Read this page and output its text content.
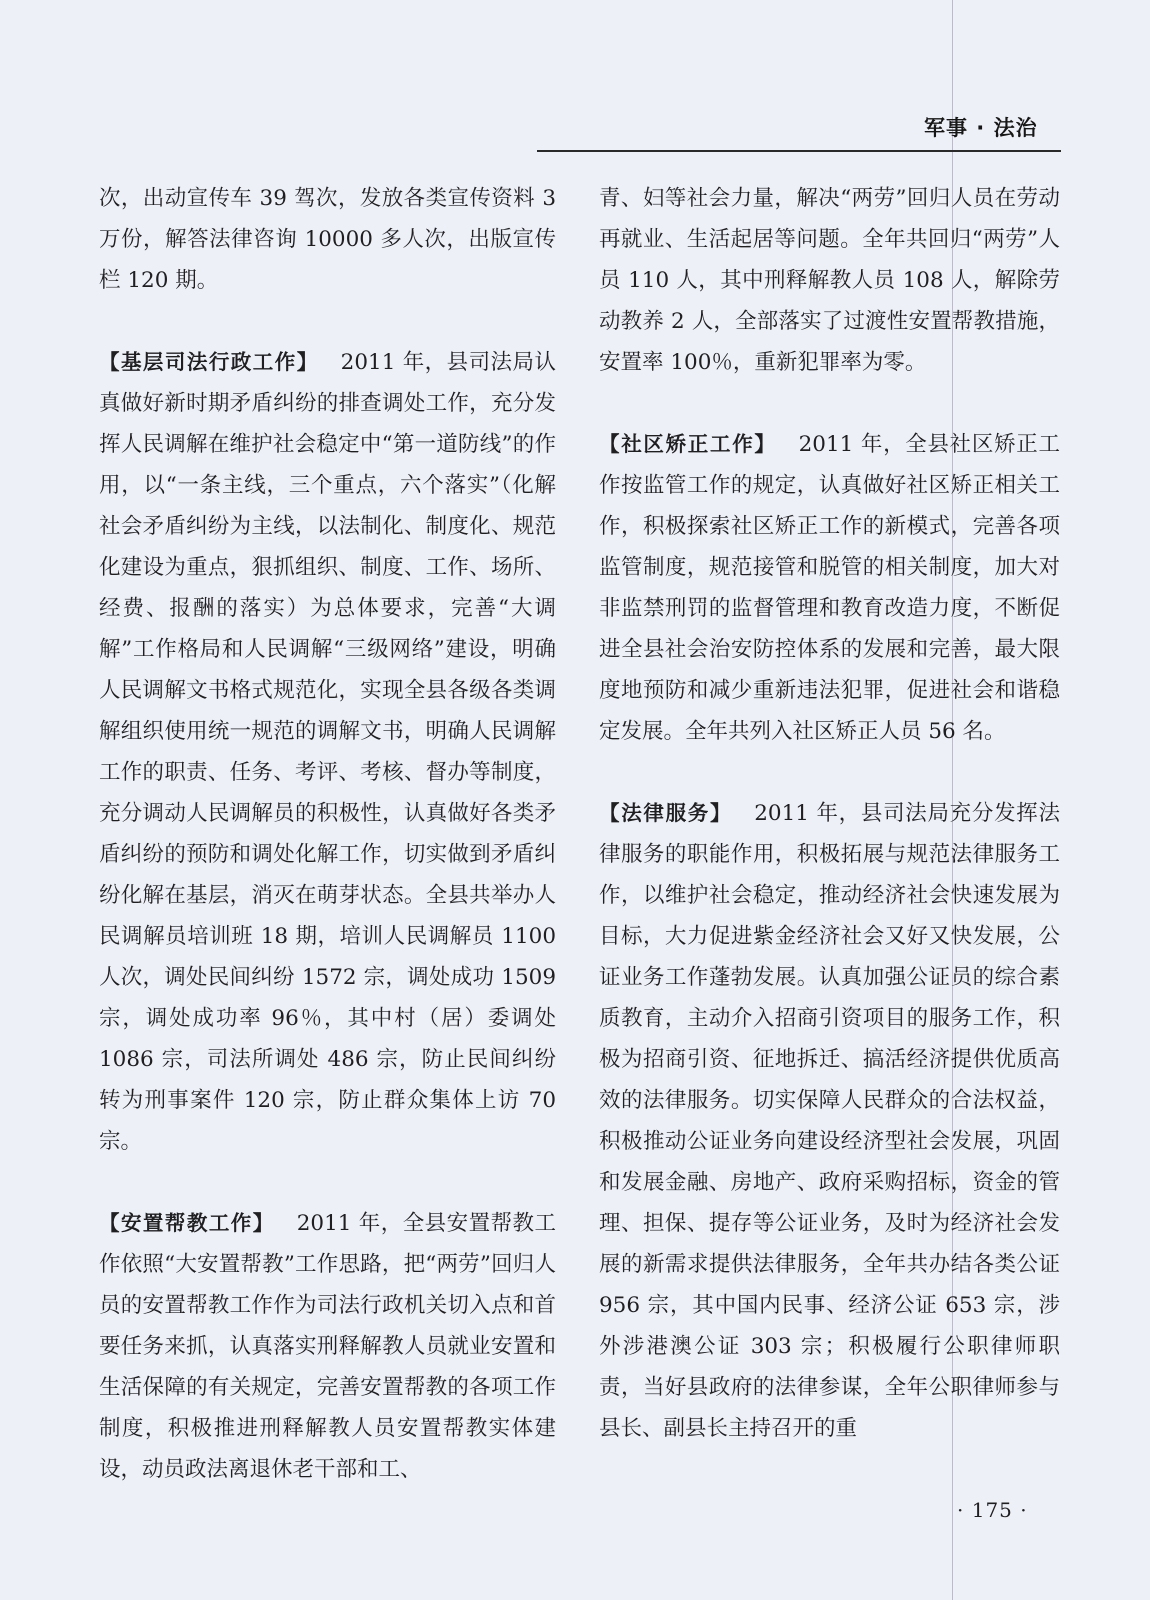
军事 · 法治

次，出动宣传车 39 驾次，发放各类宣传资料 3 万份，解答法律咨询 10000 多人次，出版宣传栏 120 期。

【基层司法行政工作】 2011 年，县司法局认真做好新时期矛盾纠纷的排查调处工作，充分发挥人民调解在维护社会稳定中“第一道防线”的作用，以“一条主线，三个重点，六个落实”（化解社会矛盾纠纷为主线，以法制化、制度化、规范化建设为重点，狠抓组织、制度、工作、场所、经费、报酬的落实）为总体要求，完善“大调解”工作格局和人民调解“三级网络”建设，明确人民调解文书格式规范化，实现全县各级各类调解组织使用统一规范的调解文书，明确人民调解工作的职责、任务、考评、考核、督办等制度，充分调动人民调解员的积极性，认真做好各类矛盾纠纷的预防和调处化解工作，切实做到矛盾纠纷化解在基层，消灭在萌芽状态。全县共举办人民调解员培训班 18 期，培训人民调解员 1100 人次，调处民间纠纷 1572 宗，调处成功 1509 宗，调处成功率 96％，其中村（居）委调处 1086 宗，司法所调处 486 宗，防止民间纠纷转为刑事案件 120 宗，防止群众集体上访 70 宗。

【安置帮教工作】 2011 年，全县安置帮教工作依照“大安置帮教”工作思路，把“两劳”回归人员的安置帮教工作作为司法行政机关切入点和首要任务来抓，认真落实刑释解教人员就业安置和生活保障的有关规定，完善安置帮教的各项工作制度，积极推进刑释解教人员安置帮教实体建设，动员政法离退休老干部和工、

青、妇等社会力量，解决“两劳”回归人员在劳动再就业、生活起居等问题。全年共回归“两劳”人员 110 人，其中刑释解教人员 108 人，解除劳动教养 2 人，全部落实了过渡性安置帮教措施，安置率 100％，重新犯罪率为零。

【社区矫正工作】 2011 年，全县社区矫正工作按监管工作的规定，认真做好社区矫正相关工作，积极探索社区矫正工作的新模式，完善各项监管制度，规范接管和脱管的相关制度，加大对非监禁刑罚的监督管理和教育改造力度，不断促进全县社会治安防控体系的发展和完善，最大限度地预防和减少重新违法犯罪，促进社会和谐稳定发展。全年共列入社区矫正人员 56 名。

【法律服务】 2011 年，县司法局充分发挥法律服务的职能作用，积极拓展与规范法律服务工作，以维护社会稳定，推动经济社会快速发展为目标，大力促进紫金经济社会又好又快发展，公证业务工作蓬勃发展。认真加强公证员的综合素质教育，主动介入招商引资项目的服务工作，积极为招商引资、征地拆迁、搞活经济提供优质高效的法律服务。切实保障人民群众的合法权益，积极推动公证业务向建设经济型社会发展，巩固和发展金融、房地产、政府采购招标，资金的管理、担保、提存等公证业务，及时为经济社会发展的新需求提供法律服务，全年共办结各类公证 956 宗，其中国内民事、经济公证 653 宗，涉外涉港澳公证 303 宗；积极履行公职律师职责，当好县政府的法律参谋，全年公职律师参与县长、副县长主持召开的重

· 175 ·
